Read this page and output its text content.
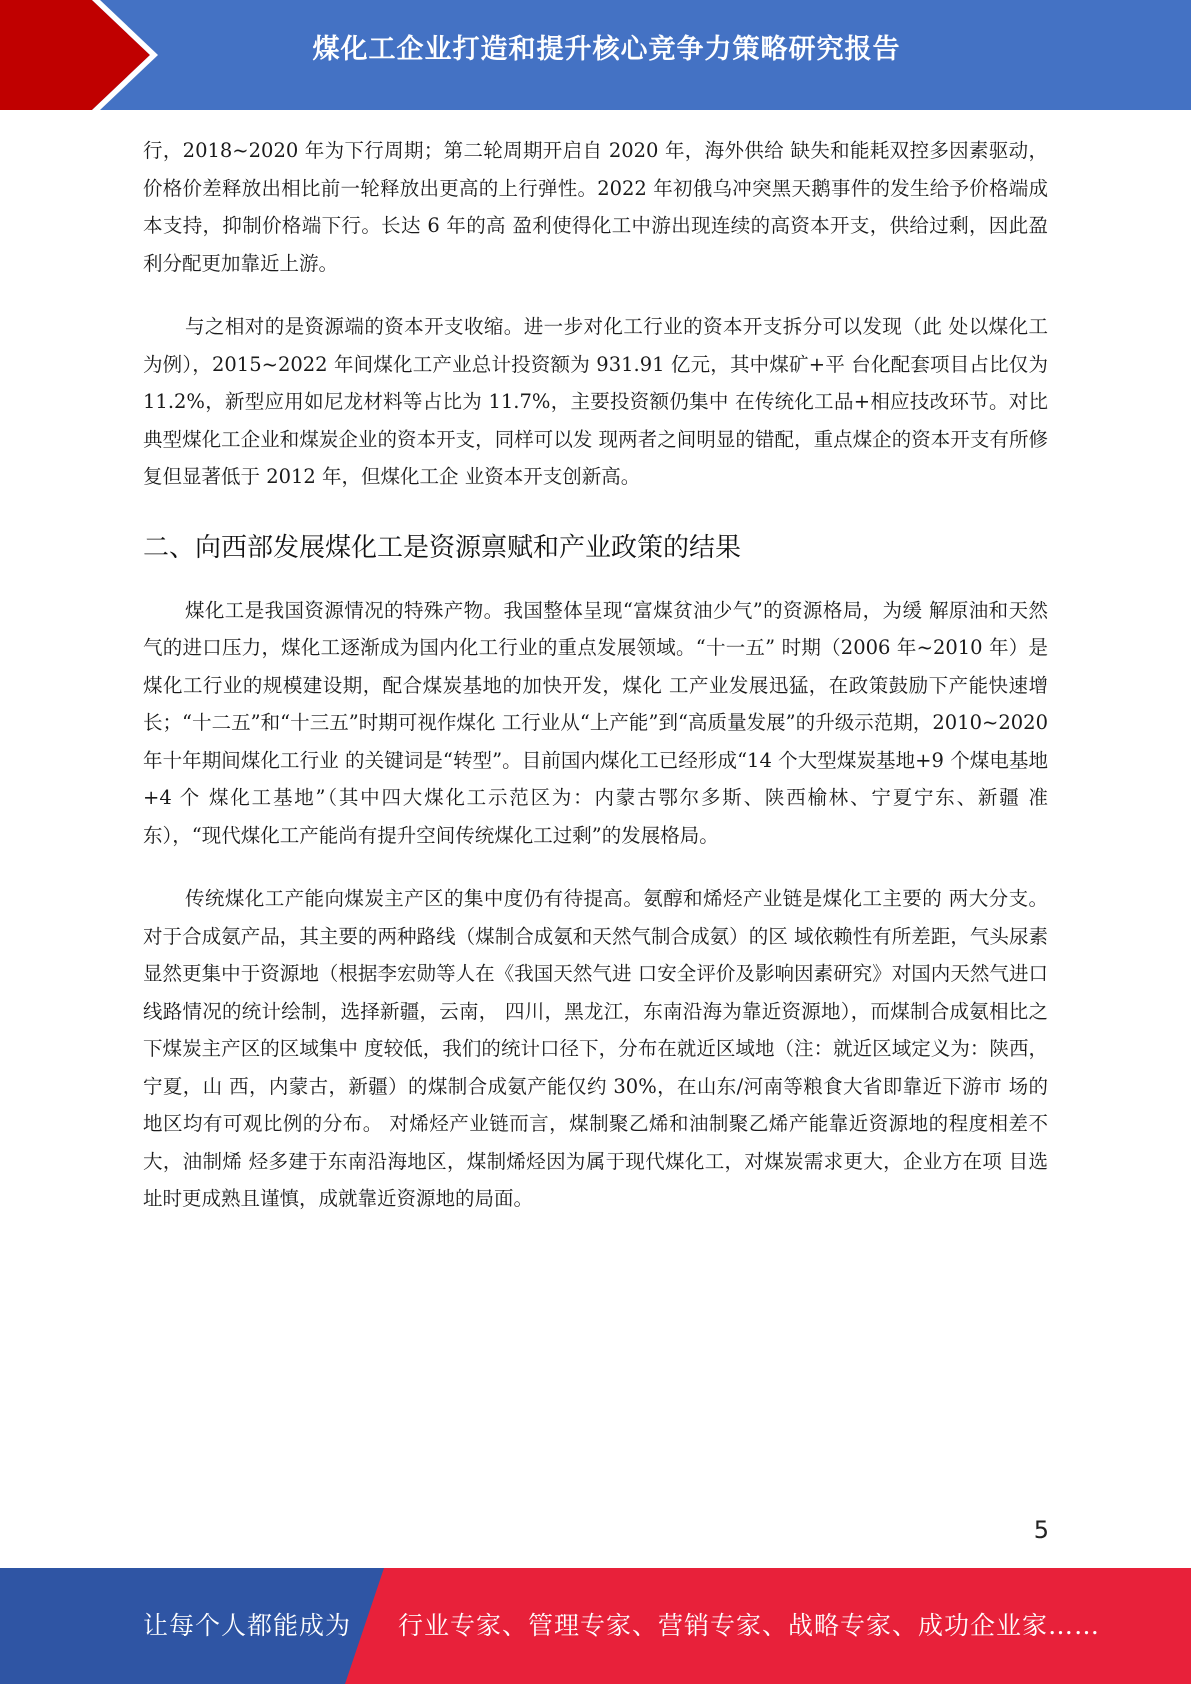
煤化工企业打造和提升核心竞争力策略研究报告

行，2018~2020 年为下行周期；第二轮周期开启自 2020 年，海外供给 缺失和能耗双控多因素驱动，价格价差释放出相比前一轮释放出更高的上行弹性。2022 年初俄乌冲突黑天鹅事件的发生给予价格端成本支持，抑制价格端下行。长达 6 年的高 盈利使得化工中游出现连续的高资本开支，供给过剩，因此盈利分配更加靠近上游。

与之相对的是资源端的资本开支收缩。进一步对化工行业的资本开支拆分可以发现（此 处以煤化工为例），2015~2022 年间煤化工产业总计投资额为 931.91 亿元，其中煤矿+平 台化配套项目占比仅为 11.2%，新型应用如尼龙材料等占比为 11.7%，主要投资额仍集中 在传统化工品+相应技改环节。对比典型煤化工企业和煤炭企业的资本开支，同样可以发 现两者之间明显的错配，重点煤企的资本开支有所修复但显著低于 2012 年，但煤化工企 业资本开支创新高。

二、向西部发展煤化工是资源禀赋和产业政策的结果

煤化工是我国资源情况的特殊产物。我国整体呈现“富煤贫油少气”的资源格局，为缓 解原油和天然气的进口压力，煤化工逐渐成为国内化工行业的重点发展领域。“十一五” 时期（2006 年~2010 年）是煤化工行业的规模建设期，配合煤炭基地的加快开发，煤化 工产业发展迅猛，在政策鼓励下产能快速增长；“十二五”和“十三五”时期可视作煤化 工行业从“上产能”到“高质量发展”的升级示范期，2010~2020 年十年期间煤化工行业 的关键词是“转型”。目前国内煤化工已经形成“14 个大型煤炭基地+9 个煤电基地+4 个 煤化工基地”（其中四大煤化工示范区为：内蒙古鄂尔多斯、陕西榆林、宁夏宁东、新疆 准东），“现代煤化工产能尚有提升空间传统煤化工过剩”的发展格局。

传统煤化工产能向煤炭主产区的集中度仍有待提高。氨醇和烯烃产业链是煤化工主要的 两大分支。对于合成氨产品，其主要的两种路线（煤制合成氨和天然气制合成氨）的区 域依赖性有所差距，气头尿素显然更集中于资源地（根据李宏勋等人在《我国天然气进 口安全评价及影响因素研究》对国内天然气进口线路情况的统计绘制，选择新疆，云南， 四川，黑龙江，东南沿海为靠近资源地），而煤制合成氨相比之下煤炭主产区的区域集中 度较低，我们的统计口径下，分布在就近区域地（注：就近区域定义为：陕西，宁夏，山 西，内蒙古，新疆）的煤制合成氨产能仅约 30%，在山东/河南等粮食大省即靠近下游市 场的地区均有可观比例的分布。 对烯烃产业链而言，煤制聚乙烯和油制聚乙烯产能靠近资源地的程度相差不大，油制烯 烃多建于东南沿海地区，煤制烯烃因为属于现代煤化工，对煤炭需求更大，企业方在项 目选址时更成熟且谨慎，成就靠近资源地的局面。

5
让每个人都能成为 行业专家、管理专家、营销专家、战略专家、成功企业家……
